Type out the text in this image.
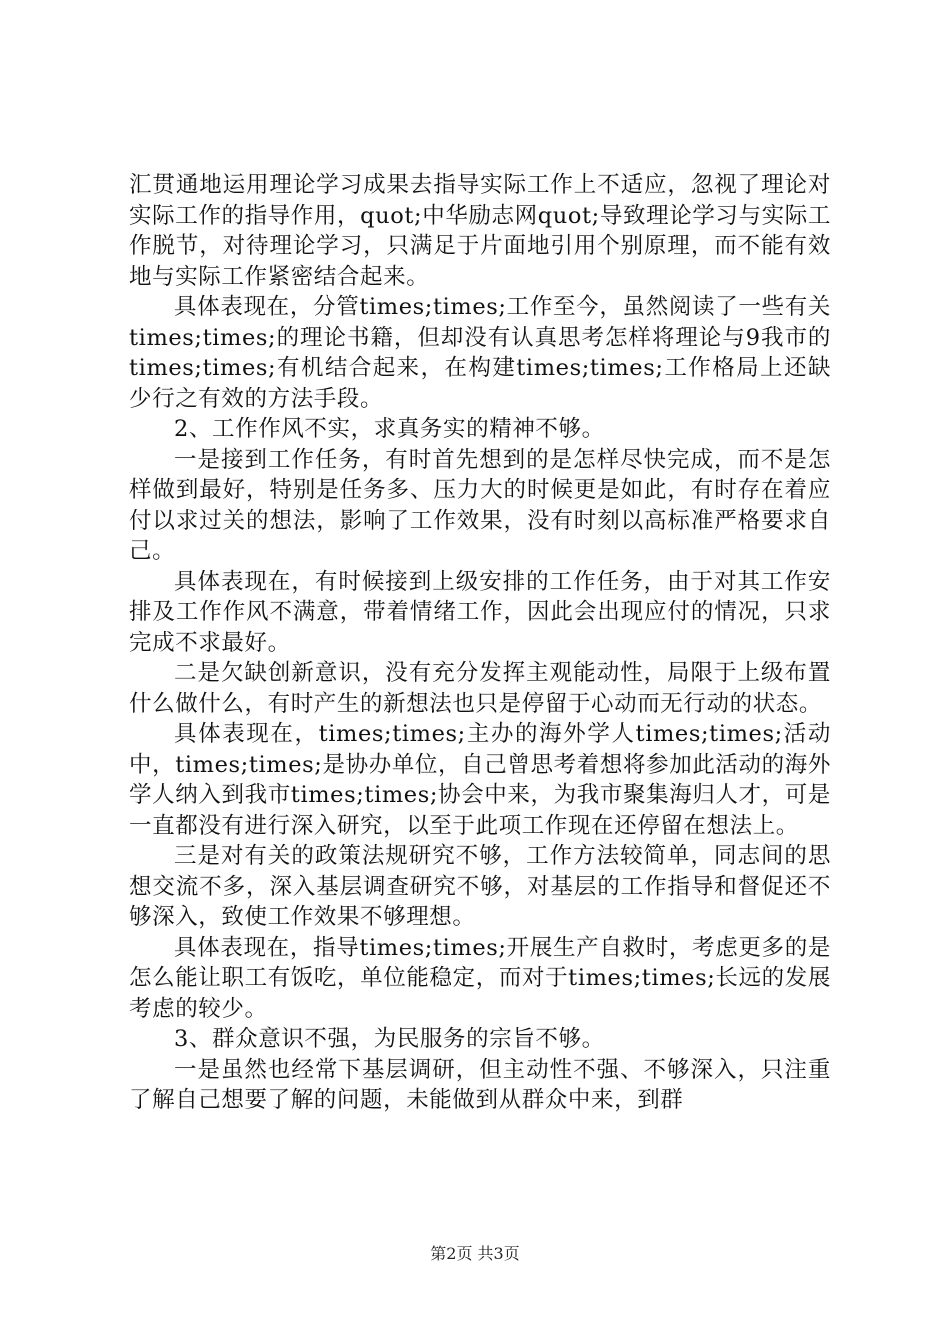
汇贯通地运用理论学习成果去指导实际工作上不适应，忽视了理论对实际工作的指导作用，quot;中华励志网quot;导致理论学习与实际工作脱节，对待理论学习，只满足于片面地引用个别原理，而不能有效地与实际工作紧密结合起来。

具体表现在，分管times;times;工作至今，虽然阅读了一些有关times;times;的理论书籍，但却没有认真思考怎样将理论与9我市的times;times;有机结合起来，在构建times;times;工作格局上还缺少行之有效的方法手段。

2、工作作风不实，求真务实的精神不够。

一是接到工作任务，有时首先想到的是怎样尽快完成，而不是怎样做到最好，特别是任务多、压力大的时候更是如此，有时存在着应付以求过关的想法，影响了工作效果，没有时刻以高标准严格要求自己。

具体表现在，有时候接到上级安排的工作任务，由于对其工作安排及工作作风不满意，带着情绪工作，因此会出现应付的情况，只求完成不求最好。

二是欠缺创新意识，没有充分发挥主观能动性，局限于上级布置什么做什么，有时产生的新想法也只是停留于心动而无行动的状态。

具体表现在，times;times;主办的海外学人times;times;活动中，times;times;是协办单位，自己曾思考着想将参加此活动的海外学人纳入到我市times;times;协会中来，为我市聚集海归人才，可是一直都没有进行深入研究，以至于此项工作现在还停留在想法上。

三是对有关的政策法规研究不够，工作方法较简单，同志间的思想交流不多，深入基层调查研究不够，对基层的工作指导和督促还不够深入，致使工作效果不够理想。

具体表现在，指导times;times;开展生产自救时，考虑更多的是怎么能让职工有饭吃，单位能稳定，而对于times;times;长远的发展考虑的较少。

3、群众意识不强，为民服务的宗旨不够。

一是虽然也经常下基层调研，但主动性不强、不够深入，只注重了解自己想要了解的问题，未能做到从群众中来，到群

第2页 共3页
